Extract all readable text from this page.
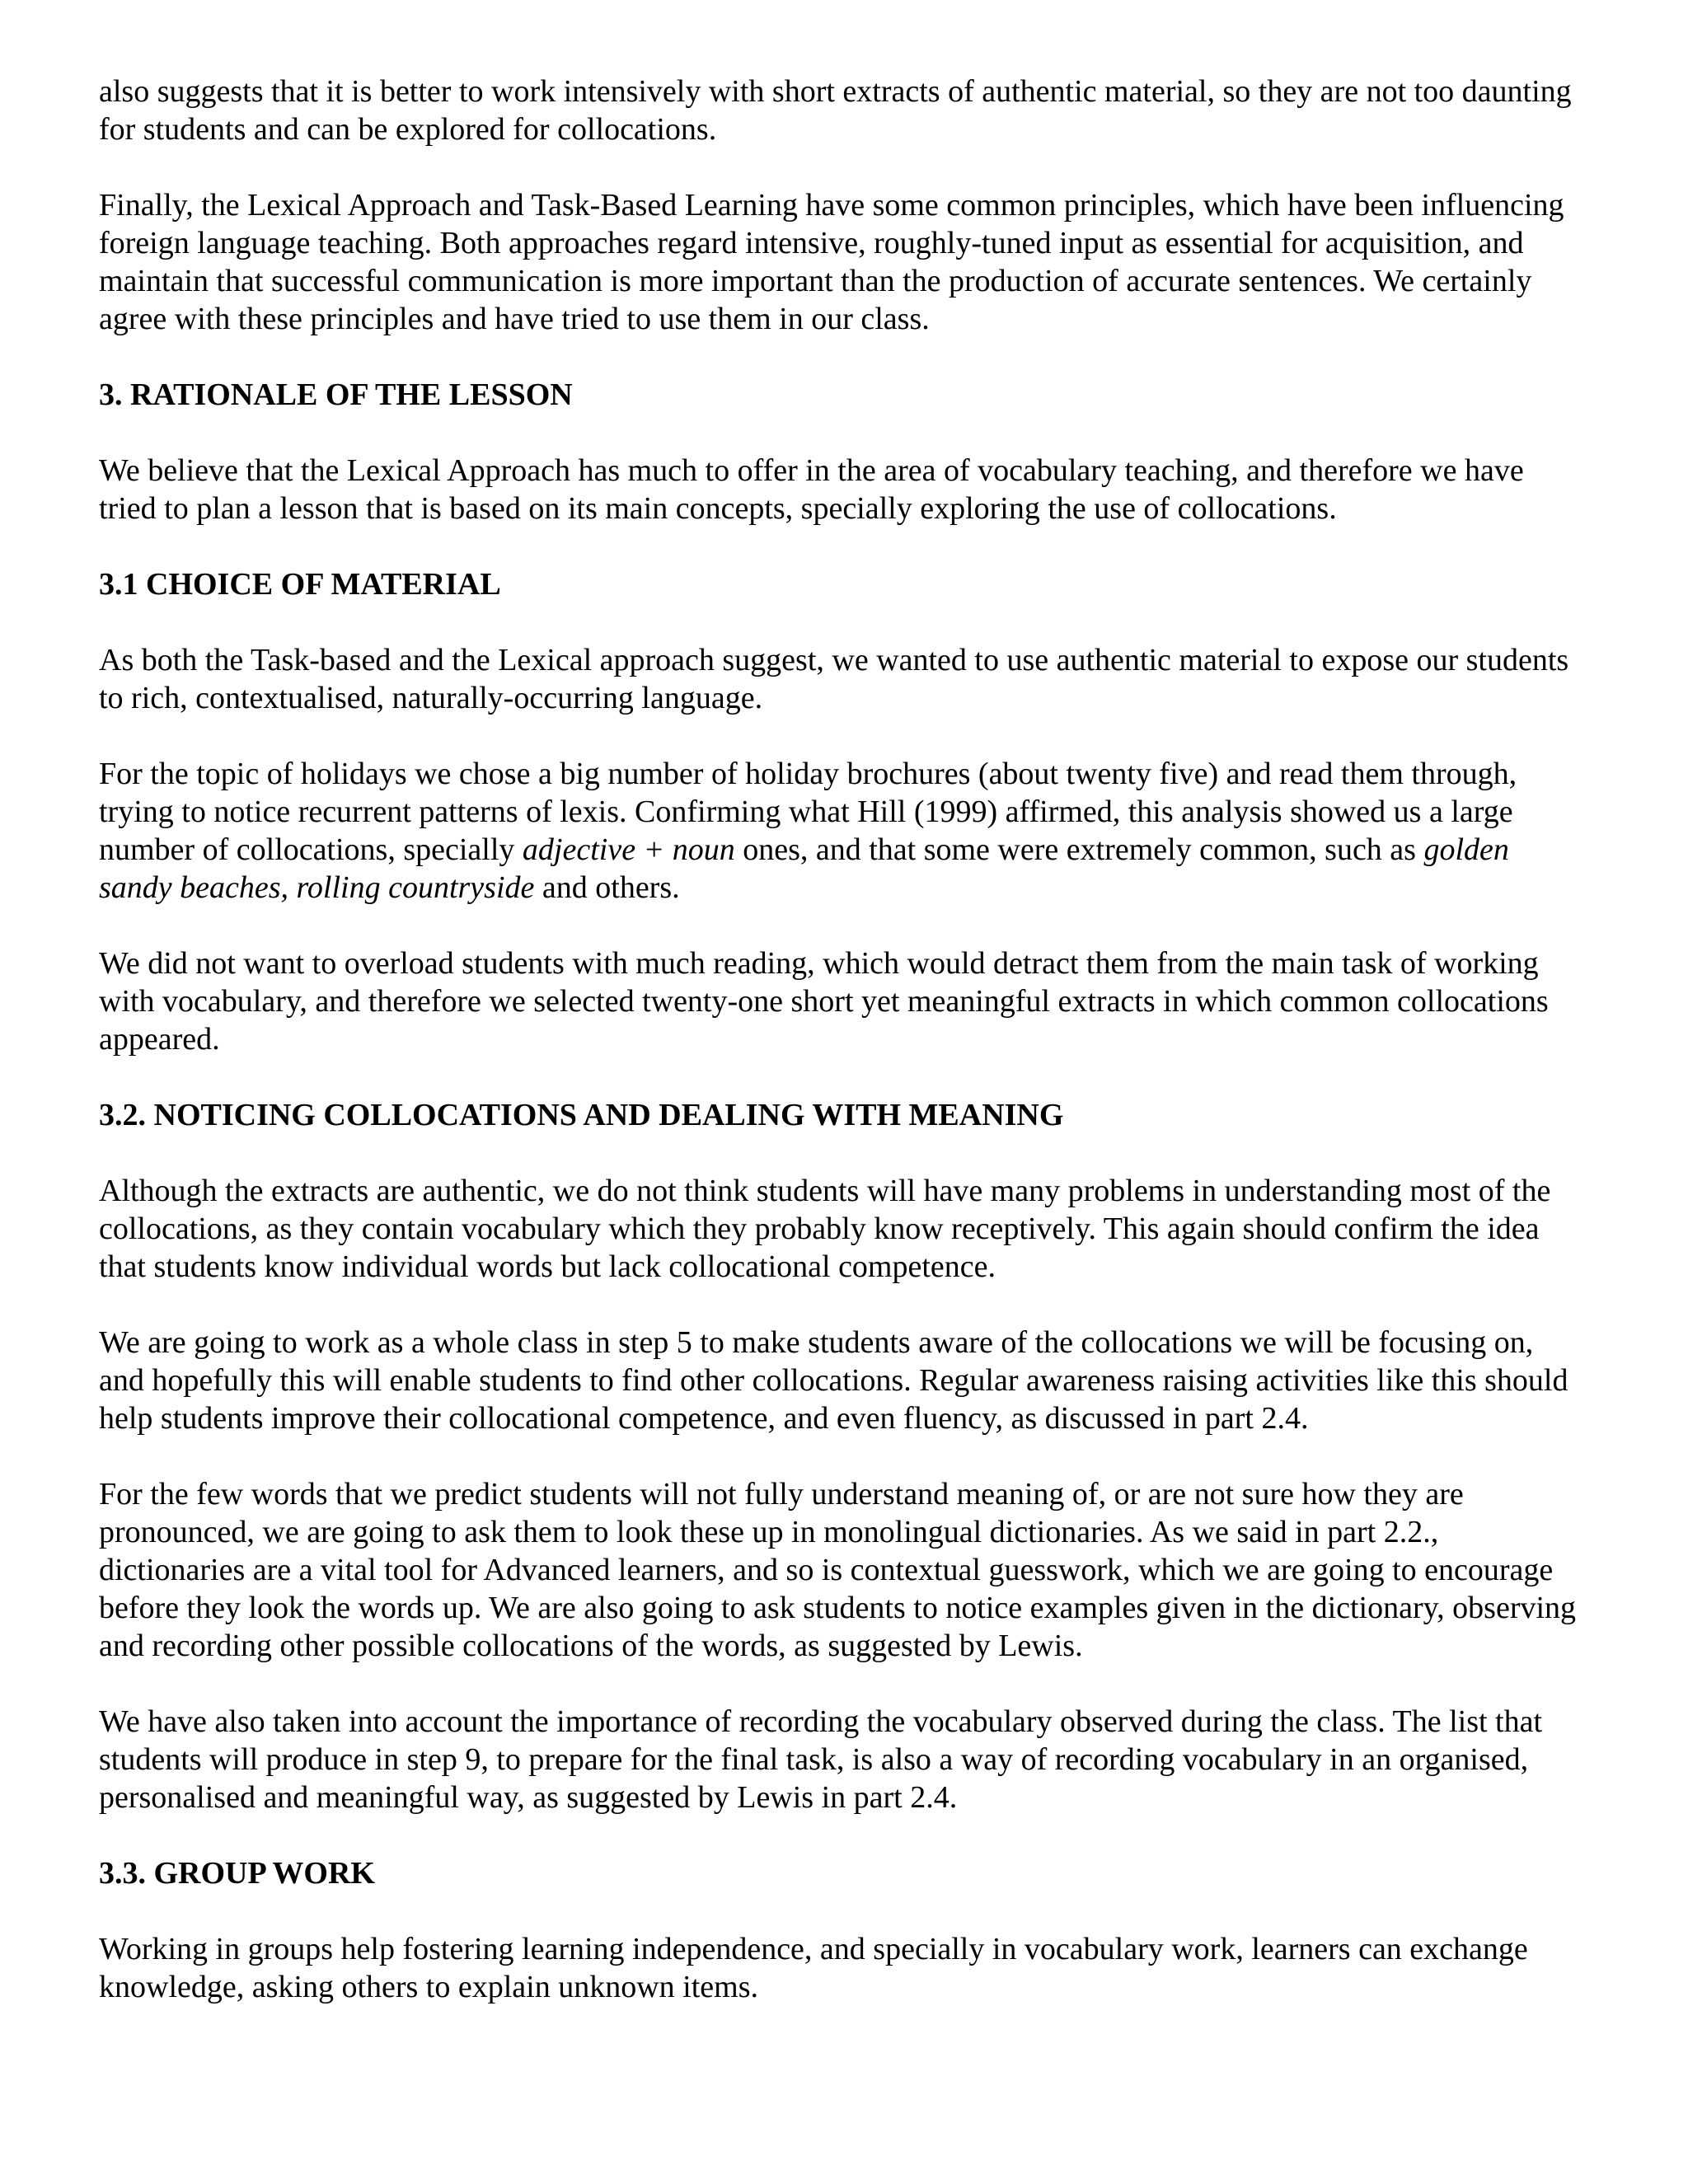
also suggests that it is better to work intensively with short extracts of authentic material, so they are not too daunting for students and can be explored for collocations.

Finally, the Lexical Approach and Task-Based Learning have some common principles, which have been influencing foreign language teaching. Both approaches regard intensive, roughly-tuned input as essential for acquisition, and maintain that successful communication is more important than the production of accurate sentences. We certainly agree with these principles and have tried to use them in our class.

3. RATIONALE OF THE LESSON

We believe that the Lexical Approach has much to offer in the area of vocabulary teaching, and therefore we have tried to plan a lesson that is based on its main concepts, specially exploring the use of collocations.

3.1 CHOICE OF MATERIAL

As both the Task-based and the Lexical approach suggest, we wanted to use authentic material to expose our students to rich, contextualised, naturally-occurring language.

For the topic of holidays we chose a big number of holiday brochures (about twenty five) and read them through, trying to notice recurrent patterns of lexis. Confirming what Hill (1999) affirmed, this analysis showed us a large number of collocations, specially adjective + noun ones, and that some were extremely common, such as golden sandy beaches, rolling countryside and others.

We did not want to overload students with much reading, which would detract them from the main task of working with vocabulary, and therefore we selected twenty-one short yet meaningful extracts in which common collocations appeared.

3.2. NOTICING COLLOCATIONS AND DEALING WITH MEANING

Although the extracts are authentic, we do not think students will have many problems in understanding most of the collocations, as they contain vocabulary which they probably know receptively. This again should confirm the idea that students know individual words but lack collocational competence.

We are going to work as a whole class in step 5 to make students aware of the collocations we will be focusing on, and hopefully this will enable students to find other collocations. Regular awareness raising activities like this should help students improve their collocational competence, and even fluency, as discussed in part 2.4.

For the few words that we predict students will not fully understand meaning of, or are not sure how they are pronounced, we are going to ask them to look these up in monolingual dictionaries. As we said in part 2.2., dictionaries are a vital tool for Advanced learners, and so is contextual guesswork, which we are going to encourage before they look the words up. We are also going to ask students to notice examples given in the dictionary, observing and recording other possible collocations of the words, as suggested by Lewis.

We have also taken into account the importance of recording the vocabulary observed during the class. The list that students will produce in step 9, to prepare for the final task, is also a way of recording vocabulary in an organised, personalised and meaningful way, as suggested by Lewis in part 2.4.

3.3. GROUP WORK

Working in groups help fostering learning independence, and specially in vocabulary work, learners can exchange knowledge, asking others to explain unknown items.
